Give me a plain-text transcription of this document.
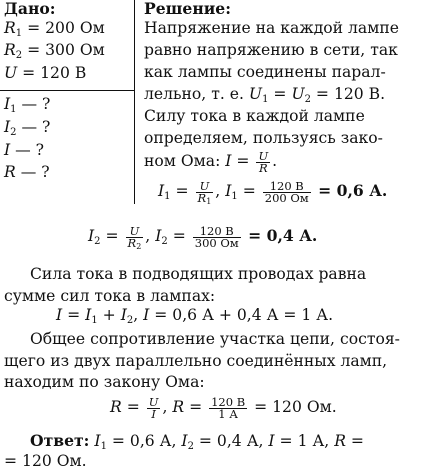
Дано:
$R_1 = 200$ Ом
$R_2 = 300$ Ом
U = 120 В
$I_1$ — ?
$I_2$ — ?
I — ?
R — ?
Решение:
Напряжение на каждой лампе
равно напряжению в сети, так
как лампы соединены парал-
лельно, т. е. $U_1 = U_2 = 120$ В.
Силу тока в каждой лампе
определяем, пользуясь зако-
ном Ома: $I = \frac{U}{R}$ .
$I_1 = \frac{U}{R_1}$ , $I_1 = \frac{120 В}{200 Ом} = 0,6$ А.
$I_2 = \frac{U}{R_2}$ , $I_2 = \frac{120 В}{300 Ом} = 0,4$ А.
Сила тока в подводящих проводах равна
сумме сил тока в лампах:
$I = I_1 + I_2$, I = 0,6 А + 0,4 А = 1 А.
Общее сопротивление участка цепи, состоя-
щего из двух параллельно соединённых ламп,
находим по закону Ома:
$R = \frac{U}{I}$ , $R = \frac{120 В}{1 А} = 120$ Ом.
Ответ: $I_1 = 0,6$ А, $I_2 = 0,4$ А, I = 1 А, R =
= 120 Ом.
